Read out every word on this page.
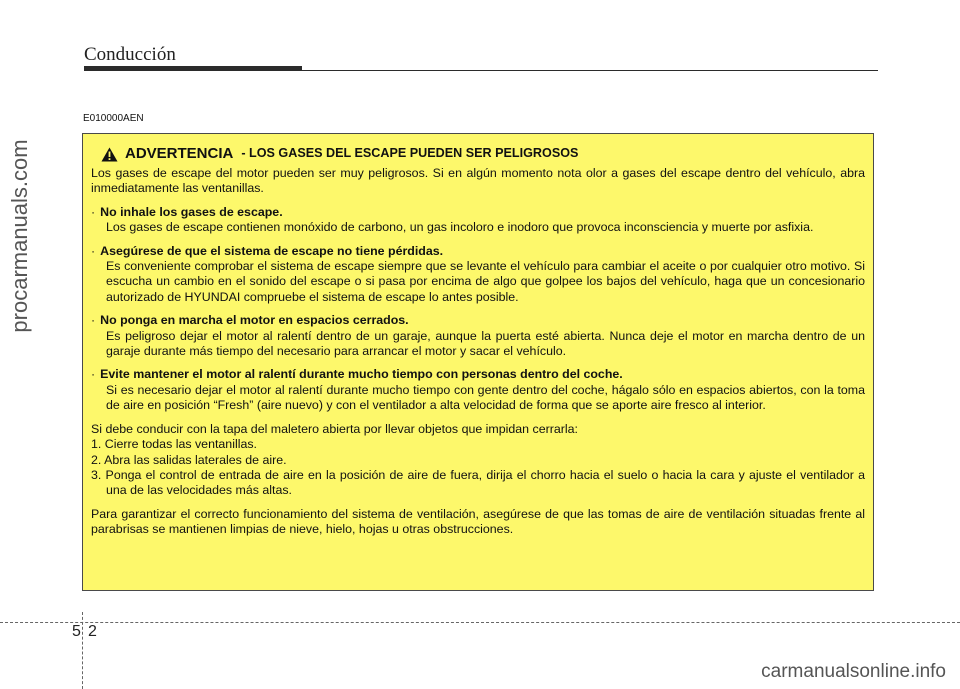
Conducción
procarmanuals.com
E010000AEN
ADVERTENCIA - LOS GASES DEL ESCAPE PUEDEN SER PELIGROSOS

Los gases de escape del motor pueden ser muy peligrosos. Si en algún momento nota olor a gases del escape dentro del vehículo, abra inmediatamente las ventanillas.

· No inhale los gases de escape.

Los gases de escape contienen monóxido de carbono, un gas incoloro e inodoro que provoca inconsciencia y muerte por asfixia.

· Asegúrese de que el sistema de escape no tiene pérdidas.

Es conveniente comprobar el sistema de escape siempre que se levante el vehículo para cambiar el aceite o por cualquier otro motivo. Si escucha un cambio en el sonido del escape o si pasa por encima de algo que golpee los bajos del vehículo, haga que un concesionario autorizado de HYUNDAI compruebe el sistema de escape lo antes posible.

· No ponga en marcha el motor en espacios cerrados.

Es peligroso dejar el motor al ralentí dentro de un garaje, aunque la puerta esté abierta. Nunca deje el motor en marcha dentro de un garaje durante más tiempo del necesario para arrancar el motor y sacar el vehículo.

· Evite mantener el motor al ralentí durante mucho tiempo con personas dentro del coche.

Si es necesario dejar el motor al ralentí durante mucho tiempo con gente dentro del coche, hágalo sólo en espacios abiertos, con la toma de aire en posición “Fresh” (aire nuevo) y con el ventilador a alta velocidad de forma que se aporte aire fresco al interior.

Si debe conducir con la tapa del maletero abierta por llevar objetos que impidan cerrarla:

1. Cierre todas las ventanillas.

2. Abra las salidas laterales de aire.

3. Ponga el control de entrada de aire en la posición de aire de fuera, dirija el chorro hacia el suelo o hacia la cara y ajuste el ventilador a una de las velocidades más altas.

Para garantizar el correcto funcionamiento del sistema de ventilación, asegúrese de que las tomas de aire de ventilación situadas frente al parabrisas se mantienen limpias de nieve, hielo, hojas u otras obstrucciones.

5 2
carmanualsonline.info
